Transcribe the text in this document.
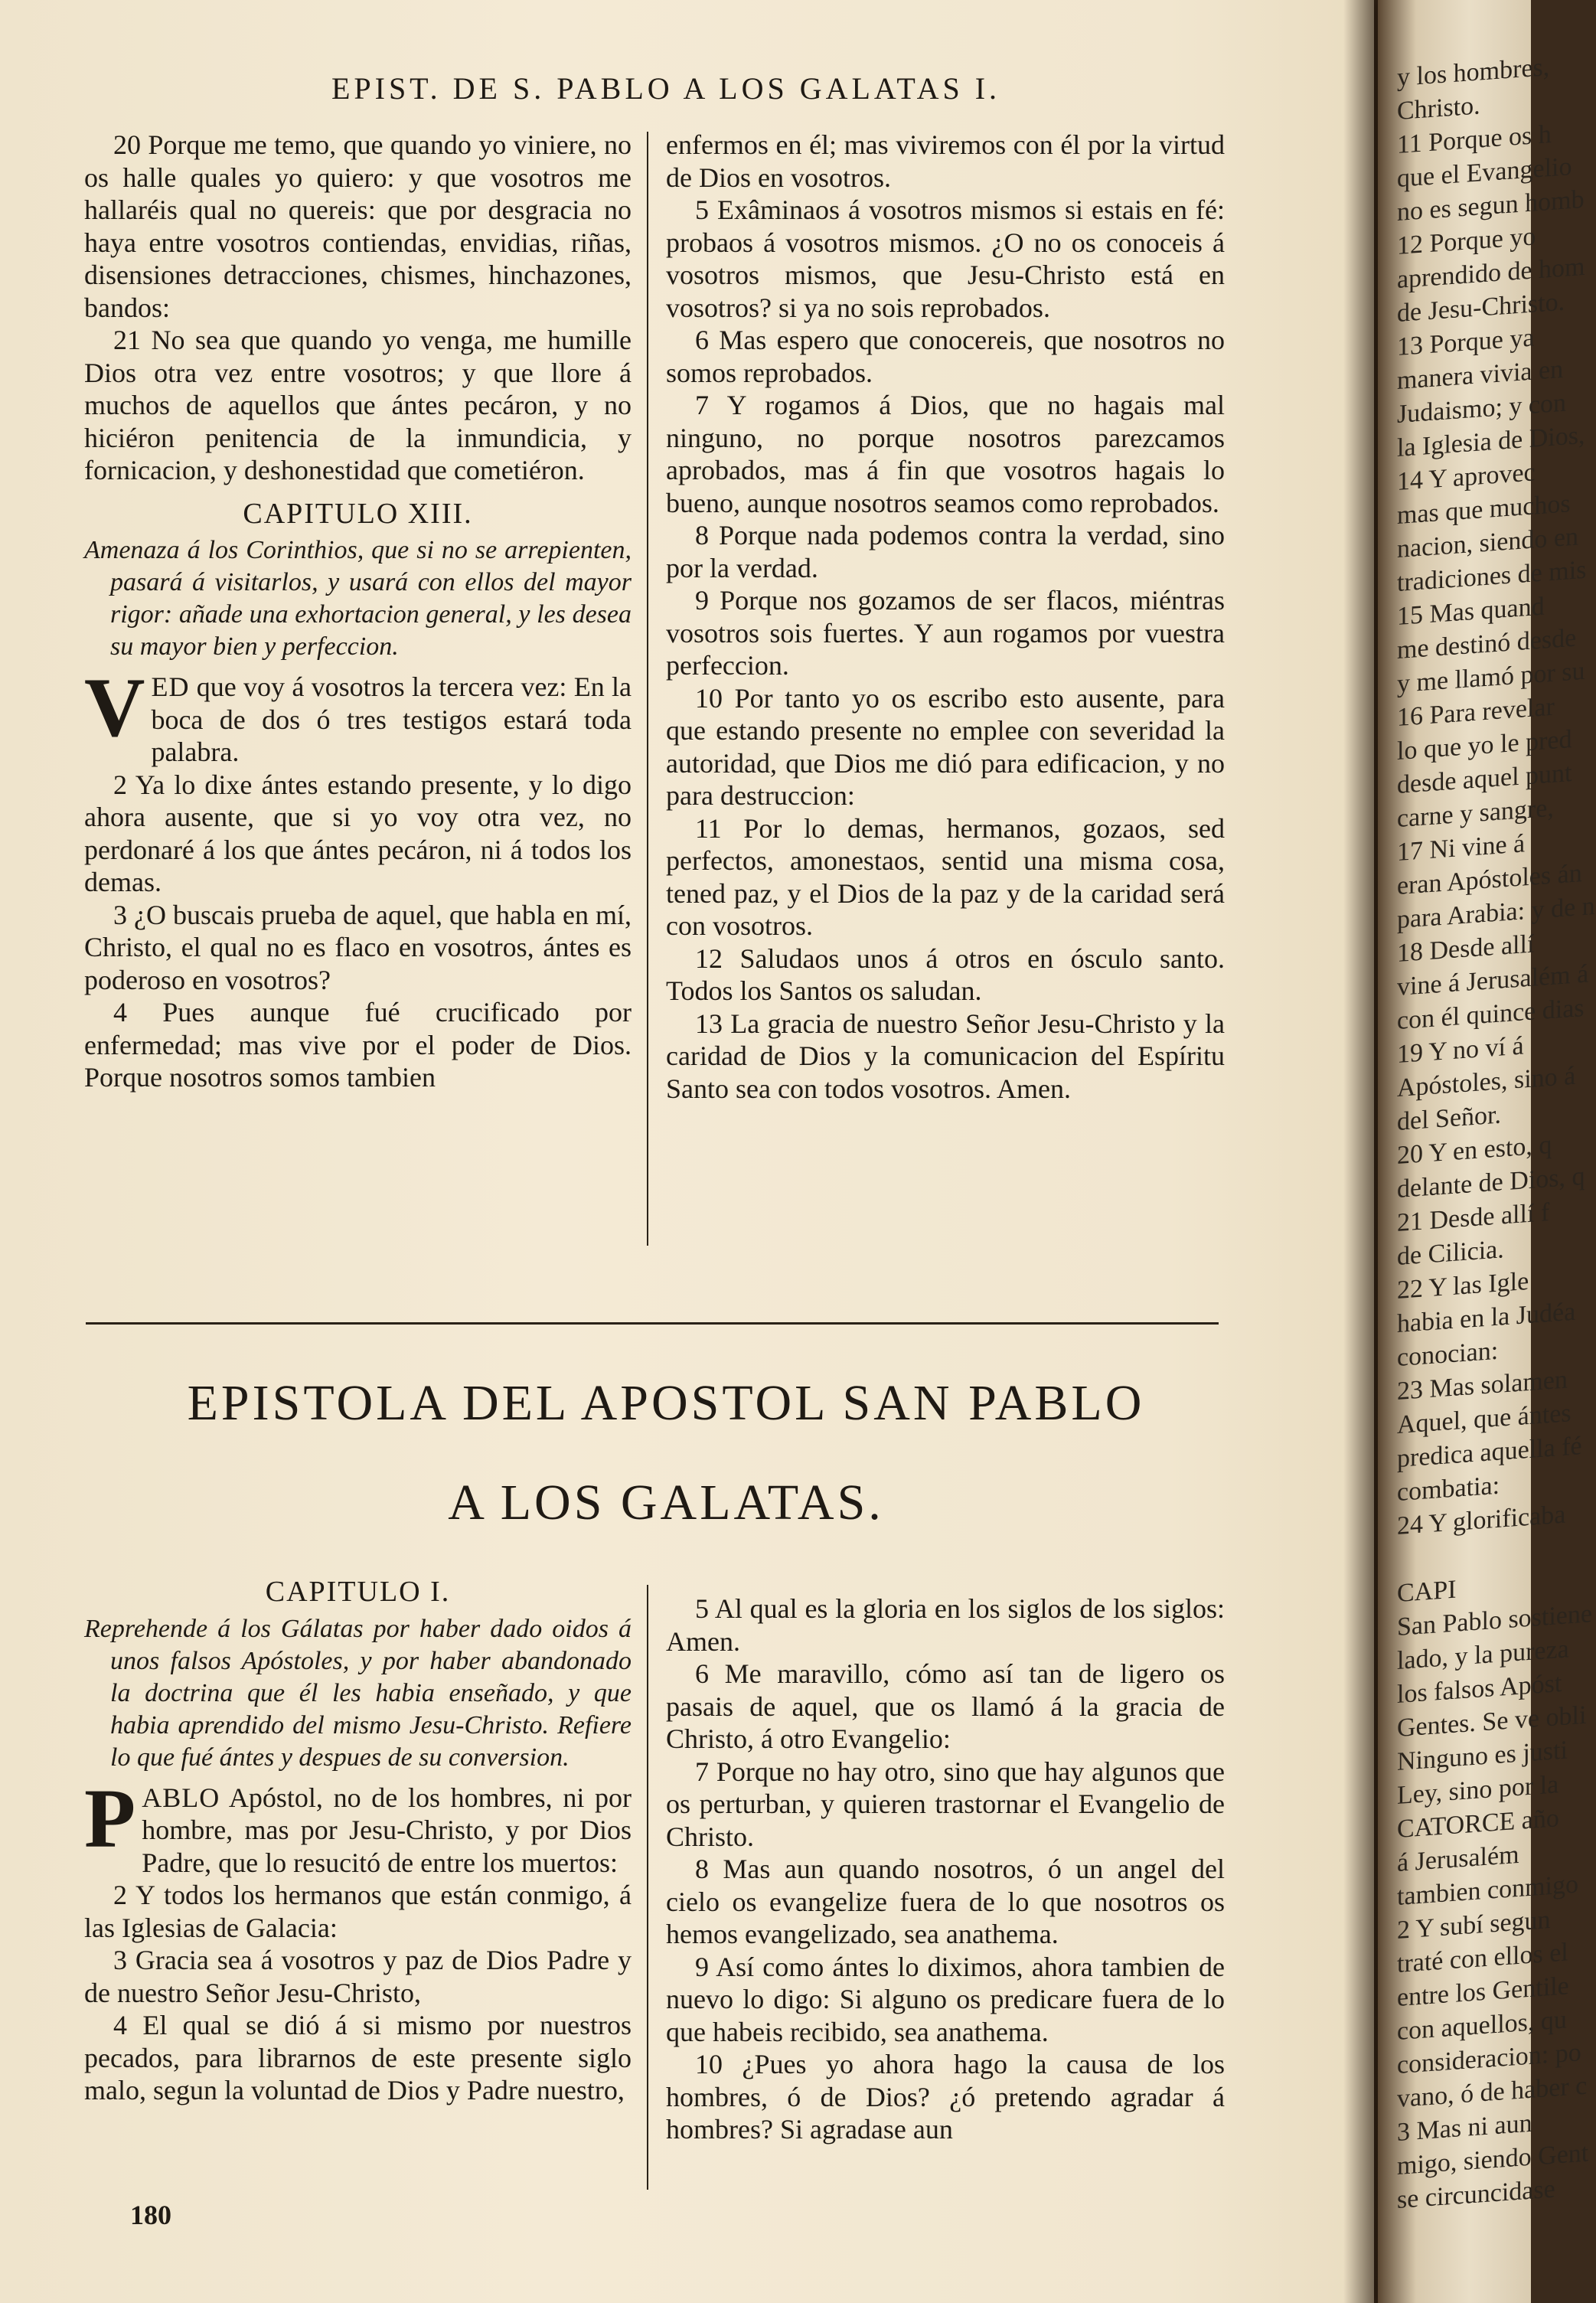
EPIST. DE S. PABLO A LOS GALATAS I.

20 Porque me temo, que quando yo viniere, no os halle quales yo quiero: y que vosotros me hallaréis qual no quereis: que por desgracia no haya entre vosotros contiendas, envidias, riñas, disensiones detracciones, chismes, hinchazones, bandos:

21 No sea que quando yo venga, me humille Dios otra vez entre vosotros; y que llore á muchos de aquellos que ántes pecáron, y no hiciéron penitencia de la inmundicia, y fornicacion, y deshonestidad que cometiéron.

CAPITULO XIII.
Amenaza á los Corinthios, que si no se arrepienten, pasará á visitarlos, y usará con ellos del mayor rigor: añade una exhortacion general, y les desea su mayor bien y perfeccion.

VED que voy á vosotros la tercera vez: En la boca de dos ó tres testigos estará toda palabra.

2 Ya lo dixe ántes estando presente, y lo digo ahora ausente, que si yo voy otra vez, no perdonaré á los que ántes pecáron, ni á todos los demas.

3 ¿O buscais prueba de aquel, que habla en mí, Christo, el qual no es flaco en vosotros, ántes es poderoso en vosotros?

4 Pues aunque fué crucificado por enfermedad; mas vive por el poder de Dios. Porque nosotros somos tambien

enfermos en él; mas viviremos con él por la virtud de Dios en vosotros.

5 Exâminaos á vosotros mismos si estais en fé: probaos á vosotros mismos. ¿O no os conoceis á vosotros mismos, que Jesu-Christo está en vosotros? si ya no sois reprobados.

6 Mas espero que conocereis, que nosotros no somos reprobados.

7 Y rogamos á Dios, que no hagais mal ninguno, no porque nosotros parezcamos aprobados, mas á fin que vosotros hagais lo bueno, aunque nosotros seamos como reprobados.

8 Porque nada podemos contra la verdad, sino por la verdad.

9 Porque nos gozamos de ser flacos, miéntras vosotros sois fuertes. Y aun rogamos por vuestra perfeccion.

10 Por tanto yo os escribo esto ausente, para que estando presente no emplee con severidad la autoridad, que Dios me dió para edificacion, y no para destruccion:

11 Por lo demas, hermanos, gozaos, sed perfectos, amonestaos, sentid una misma cosa, tened paz, y el Dios de la paz y de la caridad será con vosotros.

12 Saludaos unos á otros en ósculo santo. Todos los Santos os saludan.

13 La gracia de nuestro Señor Jesu-Christo y la caridad de Dios y la comunicacion del Espíritu Santo sea con todos vosotros. Amen.

EPISTOLA DEL APOSTOL SAN PABLO
A LOS GALATAS.
CAPITULO I.
Reprehende á los Gálatas por haber dado oidos á unos falsos Apóstoles, y por haber abandonado la doctrina que él les habia enseñado, y que habia aprendido del mismo Jesu-Christo. Refiere lo que fué ántes y despues de su conversion.

PABLO Apóstol, no de los hombres, ni por hombre, mas por Jesu-Christo, y por Dios Padre, que lo resucitó de entre los muertos:

2 Y todos los hermanos que están conmigo, á las Iglesias de Galacia:

3 Gracia sea á vosotros y paz de Dios Padre y de nuestro Señor Jesu-Christo,

4 El qual se dió á si mismo por nuestros pecados, para librarnos de este presente siglo malo, segun la voluntad de Dios y Padre nuestro,

5 Al qual es la gloria en los siglos de los siglos: Amen.

6 Me maravillo, cómo así tan de ligero os pasais de aquel, que os llamó á la gracia de Christo, á otro Evangelio:

7 Porque no hay otro, sino que hay algunos que os perturban, y quieren trastornar el Evangelio de Christo.

8 Mas aun quando nosotros, ó un angel del cielo os evangelize fuera de lo que nosotros os hemos evangelizado, sea anathema.

9 Así como ántes lo diximos, ahora tambien de nuevo lo digo: Si alguno os predicare fuera de lo que habeis recibido, sea anathema.

10 ¿Pues yo ahora hago la causa de los hombres, ó de Dios? ¿ó pretendo agradar á hombres? Si agradase aun

180
y los hombres,
Christo.
11 Porque os h
que el Evangelio
no es segun homb
12 Porque yo
aprendido de hom
de Jesu-Christo.
13 Porque ya
manera vivia en
Judaismo; y con
la Iglesia de Dios,
14 Y aprovec
mas que muchos
nacion, siendo en
tradiciones de mis
15 Mas quand
me destinó desde
y me llamó por su
16 Para revelar
lo que yo le pred
desde aquel punt
carne y sangre,
17 Ni vine á
eran Apóstoles án
para Arabia: y de n
18 Desde allí
vine á Jerusalém á
con él quince dias
19 Y no ví á
Apóstoles, sino á
del Señor.
20 Y en esto, q
delante de Dios, q
21 Desde allí f
de Cilicia.
22 Y las Igle
habia en la Judéa
conocian:
23 Mas solamen
Aquel, que ántes
predica aquella fé
combatia:
24 Y glorificaba

CAPI
San Pablo sostiene
lado, y la pureza
los falsos Apóst
Gentes. Se ve obli
Ninguno es justi
Ley, sino por la
CATORCE año
á Jerusalém
tambien conmigo
2 Y subí segun
traté con ellos el
entre los Gentile
con aquellos, qu
consideracion: po
vano, ó de haber c
3 Mas ni aun
migo, siendo Gent
se circuncidase
